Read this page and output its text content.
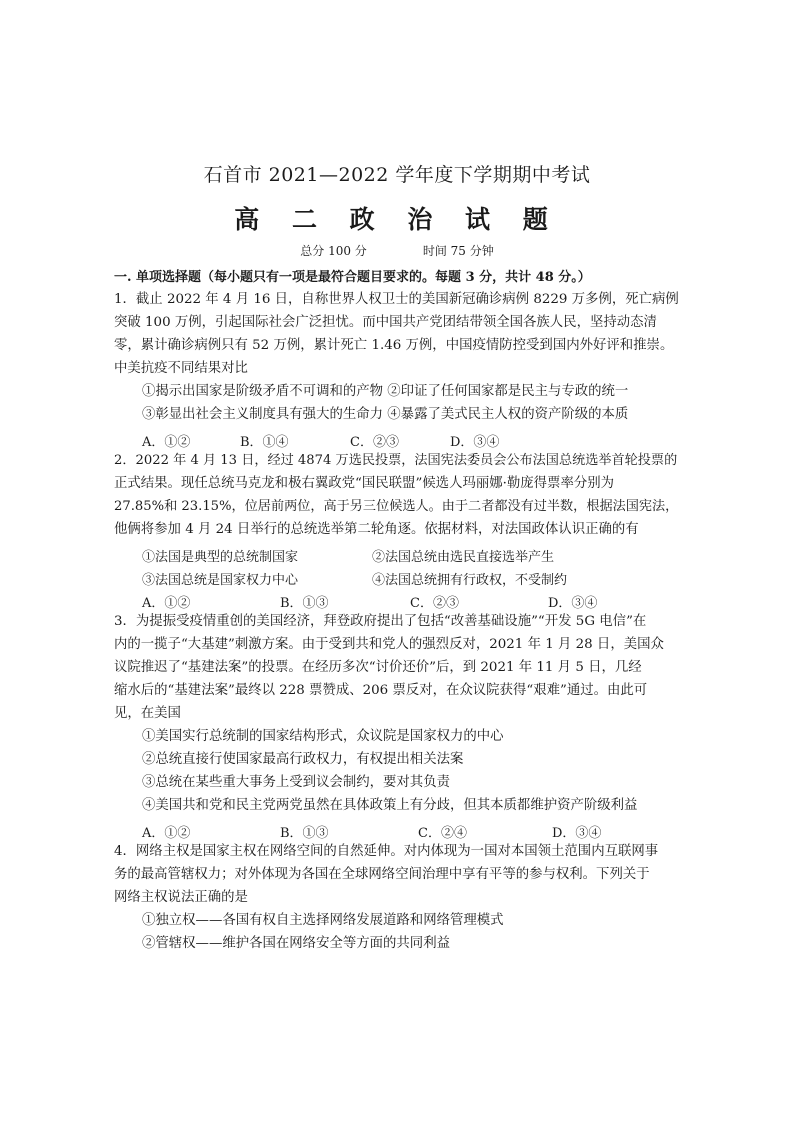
石首市 2021—2022 学年度下学期期中考试
高 二 政 治 试 题
总分 100 分	时间 75 分钟
一. 单项选择题（每小题只有一项是最符合题目要求的。每题 3 分，共计 48 分。）
1．截止 2022 年 4 月 16 日，自称世界人权卫士的美国新冠确诊病例 8229 万多例，死亡病例
突破 100 万例，引起国际社会广泛担忧。而中国共产党团结带领全国各族人民，坚持动态清
零，累计确诊病例只有 52 万例，累计死亡 1.46 万例，中国疫情防控受到国内外好评和推崇。
中美抗疫不同结果对比
①揭示出国家是阶级矛盾不可调和的产物 ②印证了任何国家都是民主与专政的统一
③彰显出社会主义制度具有强大的生命力 ④暴露了美式民主人权的资产阶级的本质
A．①②	B．①④	C．②③	D．③④
2．2022 年 4 月 13 日，经过 4874 万选民投票，法国宪法委员会公布法国总统选举首轮投票的
正式结果。现任总统马克龙和极右翼政党“国民联盟”候选人玛丽娜·勒庞得票率分别为
27.85%和 23.15%，位居前两位，高于另三位候选人。由于二者都没有过半数，根据法国宪法，
他俩将参加 4 月 24 日举行的总统选举第二轮角逐。依据材料，对法国政体认识正确的有
①法国是典型的总统制国家	②法国总统由选民直接选举产生
③法国总统是国家权力中心	④法国总统拥有行政权，不受制约
A．①②	B．①③	C．②③	D．③④
3．为提振受疫情重创的美国经济，拜登政府提出了包括“改善基础设施”“开发 5G 电信”在
内的一揽子“大基建”刺激方案。由于受到共和党人的强烈反对，2021 年 1 月 28 日，美国众
议院推迟了“基建法案”的投票。在经历多次“讨价还价”后，到 2021 年 11 月 5 日，几经
缩水后的“基建法案”最终以 228 票赞成、206 票反对，在众议院获得“艰难”通过。由此可
见，在美国
①美国实行总统制的国家结构形式，众议院是国家权力的中心
②总统直接行使国家最高行政权力，有权提出相关法案
③总统在某些重大事务上受到议会制约，要对其负责
④美国共和党和民主党两党虽然在具体政策上有分歧，但其本质都维护资产阶级利益
A．①②	B．①③	C．②④	D．③④
4．网络主权是国家主权在网络空间的自然延伸。对内体现为一国对本国领土范围内互联网事
务的最高管辖权力；对外体现为各国在全球网络空间治理中享有平等的参与权利。下列关于
网络主权说法正确的是
①独立权——各国有权自主选择网络发展道路和网络管理模式
②管辖权——维护各国在网络安全等方面的共同利益
